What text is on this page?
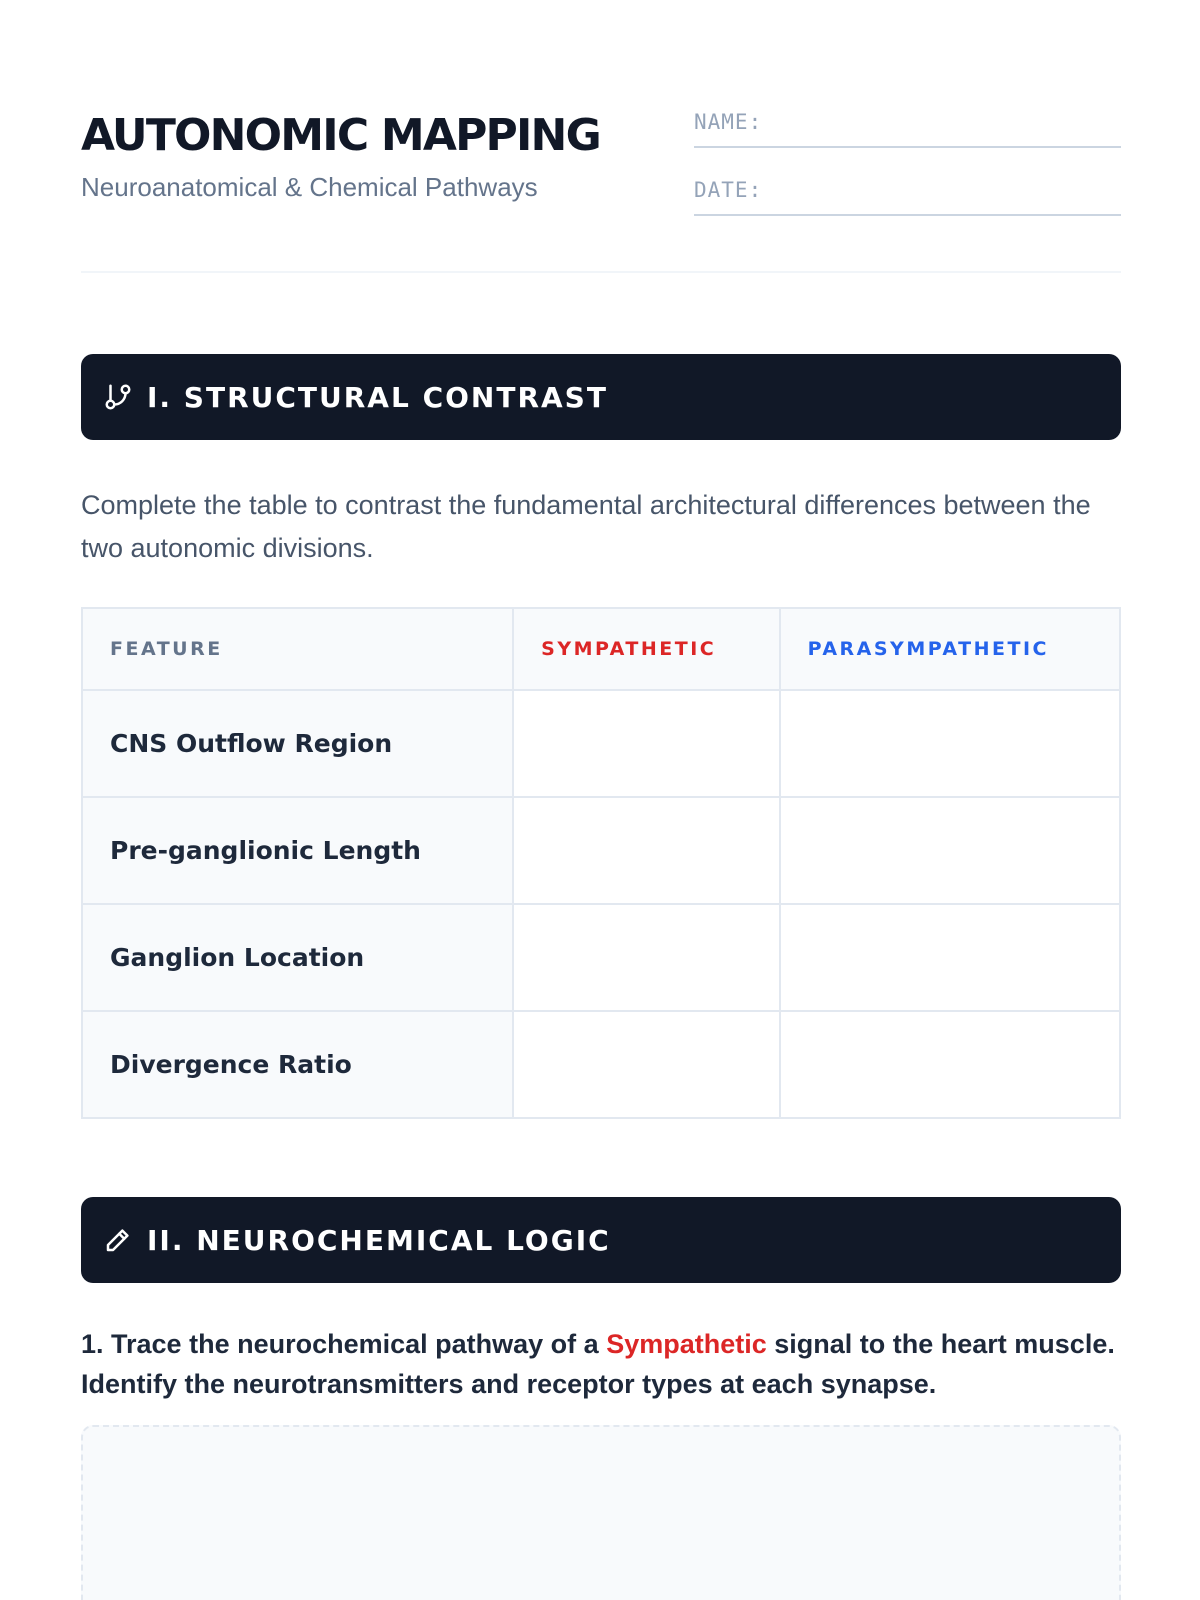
AUTONOMIC MAPPING
Neuroanatomical & Chemical Pathways
NAME:
DATE:
I. STRUCTURAL CONTRAST

Complete the table to contrast the fundamental architectural differences between the two autonomic divisions.

FEATURE	SYMPATHETIC	PARASYMPATHETIC
CNS Outflow Region
Pre-ganglionic Length
Ganglion Location
Divergence Ratio
II. NEUROCHEMICAL LOGIC

1. Trace the neurochemical pathway of a Sympathetic signal to the heart muscle. Identify the neurotransmitters and receptor types at each synapse.
